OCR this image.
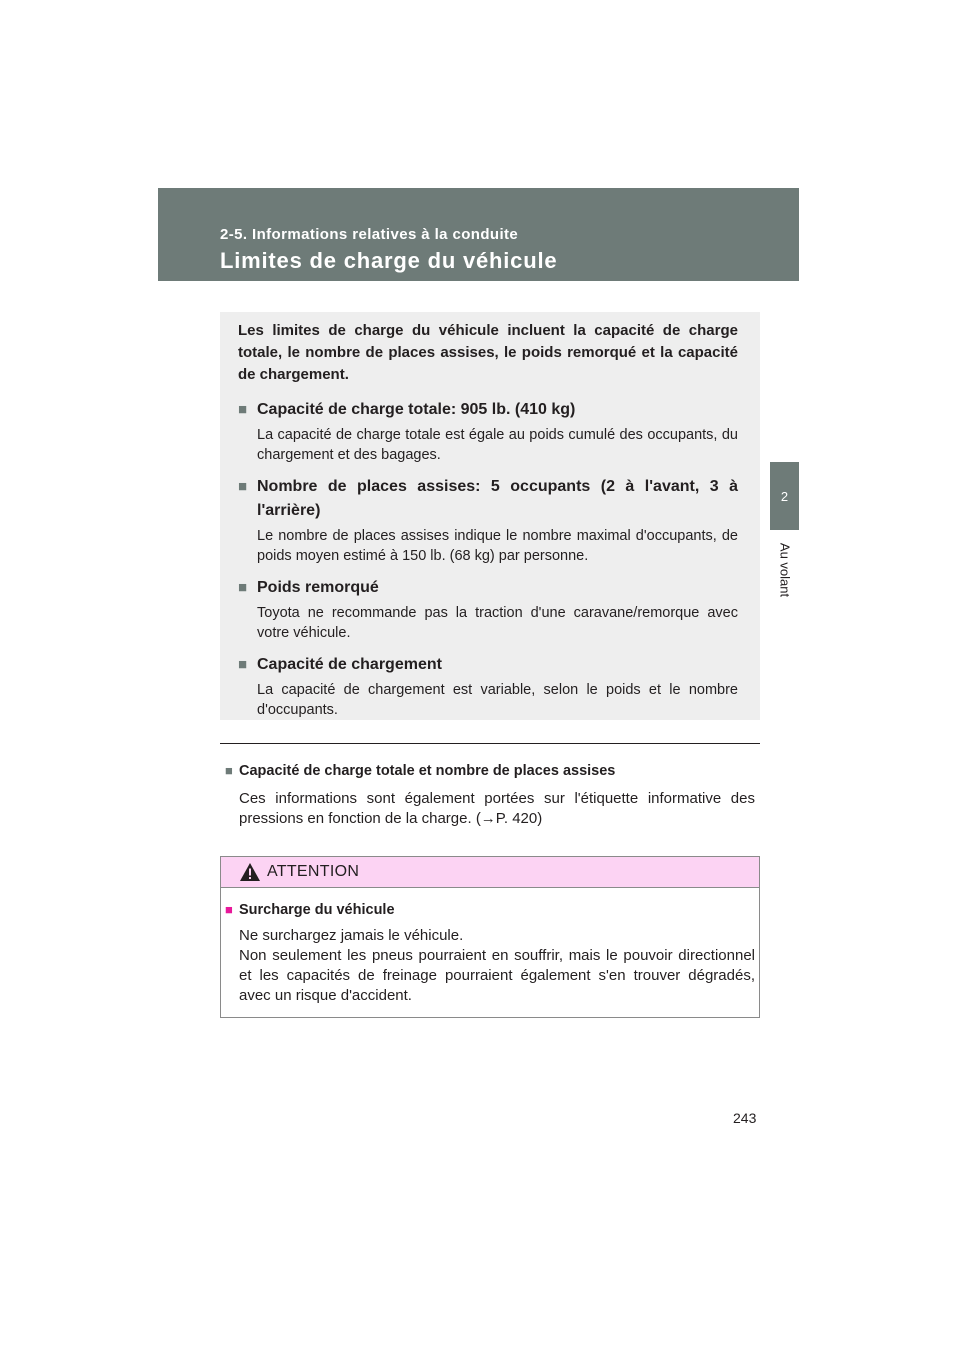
2-5. Informations relatives à la conduite
Limites de charge du véhicule
2
Au volant

Les limites de charge du véhicule incluent la capacité de charge totale, le nombre de places assises, le poids remorqué et la capacité de chargement.

■ Capacité de charge totale: 905 lb. (410 kg)
La capacité de charge totale est égale au poids cumulé des occupants, du chargement et des bagages.
■ Nombre de places assises: 5 occupants (2 à l'avant, 3 à l'arrière)
Le nombre de places assises indique le nombre maximal d'occupants, de poids moyen estimé à 150 lb. (68 kg) par personne.
■ Poids remorqué
Toyota ne recommande pas la traction d'une caravane/remorque avec votre véhicule.
■ Capacité de chargement
La capacité de chargement est variable, selon le poids et le nombre d'occupants.
■ Capacité de charge totale et nombre de places assises
Ces informations sont également portées sur l'étiquette informative des pressions en fonction de la charge. (→P. 420)
ATTENTION
■ Surcharge du véhicule
Ne surchargez jamais le véhicule.
Non seulement les pneus pourraient en souffrir, mais le pouvoir directionnel et les capacités de freinage pourraient également s'en trouver dégradés, avec un risque d'accident.
243
